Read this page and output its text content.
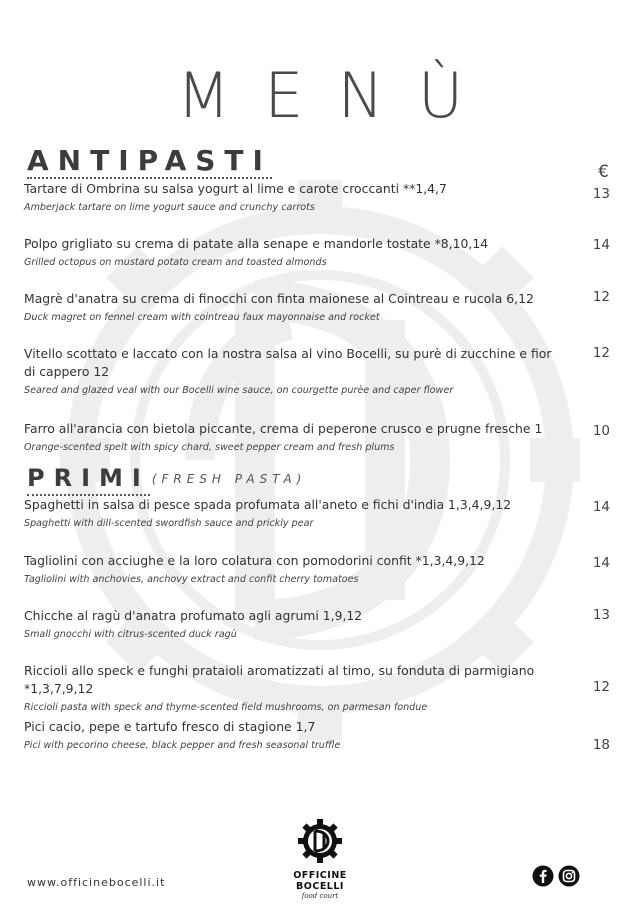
MENÙ
ANTIPASTI	€
Tartare di Ombrina su salsa yogurt al lime e carote croccanti **1,4,7
Amberjack tartare on lime yogurt sauce and crunchy carrots
13
Polpo grigliato su crema di patate alla senape e mandorle tostate *8,10,14
Grilled octopus on mustard potato cream and toasted almonds
14
Magrè d'anatra su crema di finocchi con finta maionese al Cointreau e rucola 6,12
Duck magret on fennel cream with cointreau faux mayonnaise and rocket
12
Vitello scottato e laccato con la nostra salsa al vino Bocelli, su purè di zucchine e fior di cappero 12
Seared and glazed veal with our Bocelli wine sauce, on courgette purèe and caper flower
12
Farro all'arancia con bietola piccante, crema di peperone crusco e prugne fresche 1
Orange-scented spelt with spicy chard, sweet pepper cream and fresh plums
10
PRIMI $^{(FRESH PASTA)}$
Spaghetti in salsa di pesce spada profumata all'aneto e fichi d'india 1,3,4,9,12
Spaghetti with dill-scented swordfish sauce and prickly pear
14
Tagliolini con acciughe e la loro colatura con pomodorini confit *1,3,4,9,12
Tagliolini with anchovies, anchovy extract and confit cherry tomatoes
14
Chicche al ragù d'anatra profumato agli agrumi 1,9,12
Small gnocchi with citrus-scented duck ragù
13
Riccioli allo speck e funghi prataioli aromatizzati al timo, su fonduta di parmigiano *1,3,7,9,12
Riccioli pasta with speck and thyme-scented field mushrooms, on parmesan fondue
12
Pici cacio, pepe e tartufo fresco di stagione 1,7
Pici with pecorino cheese, black pepper and fresh seasonal truffle	18
www.officinebocelli.it
OFFICINE BOCELLI
food court
